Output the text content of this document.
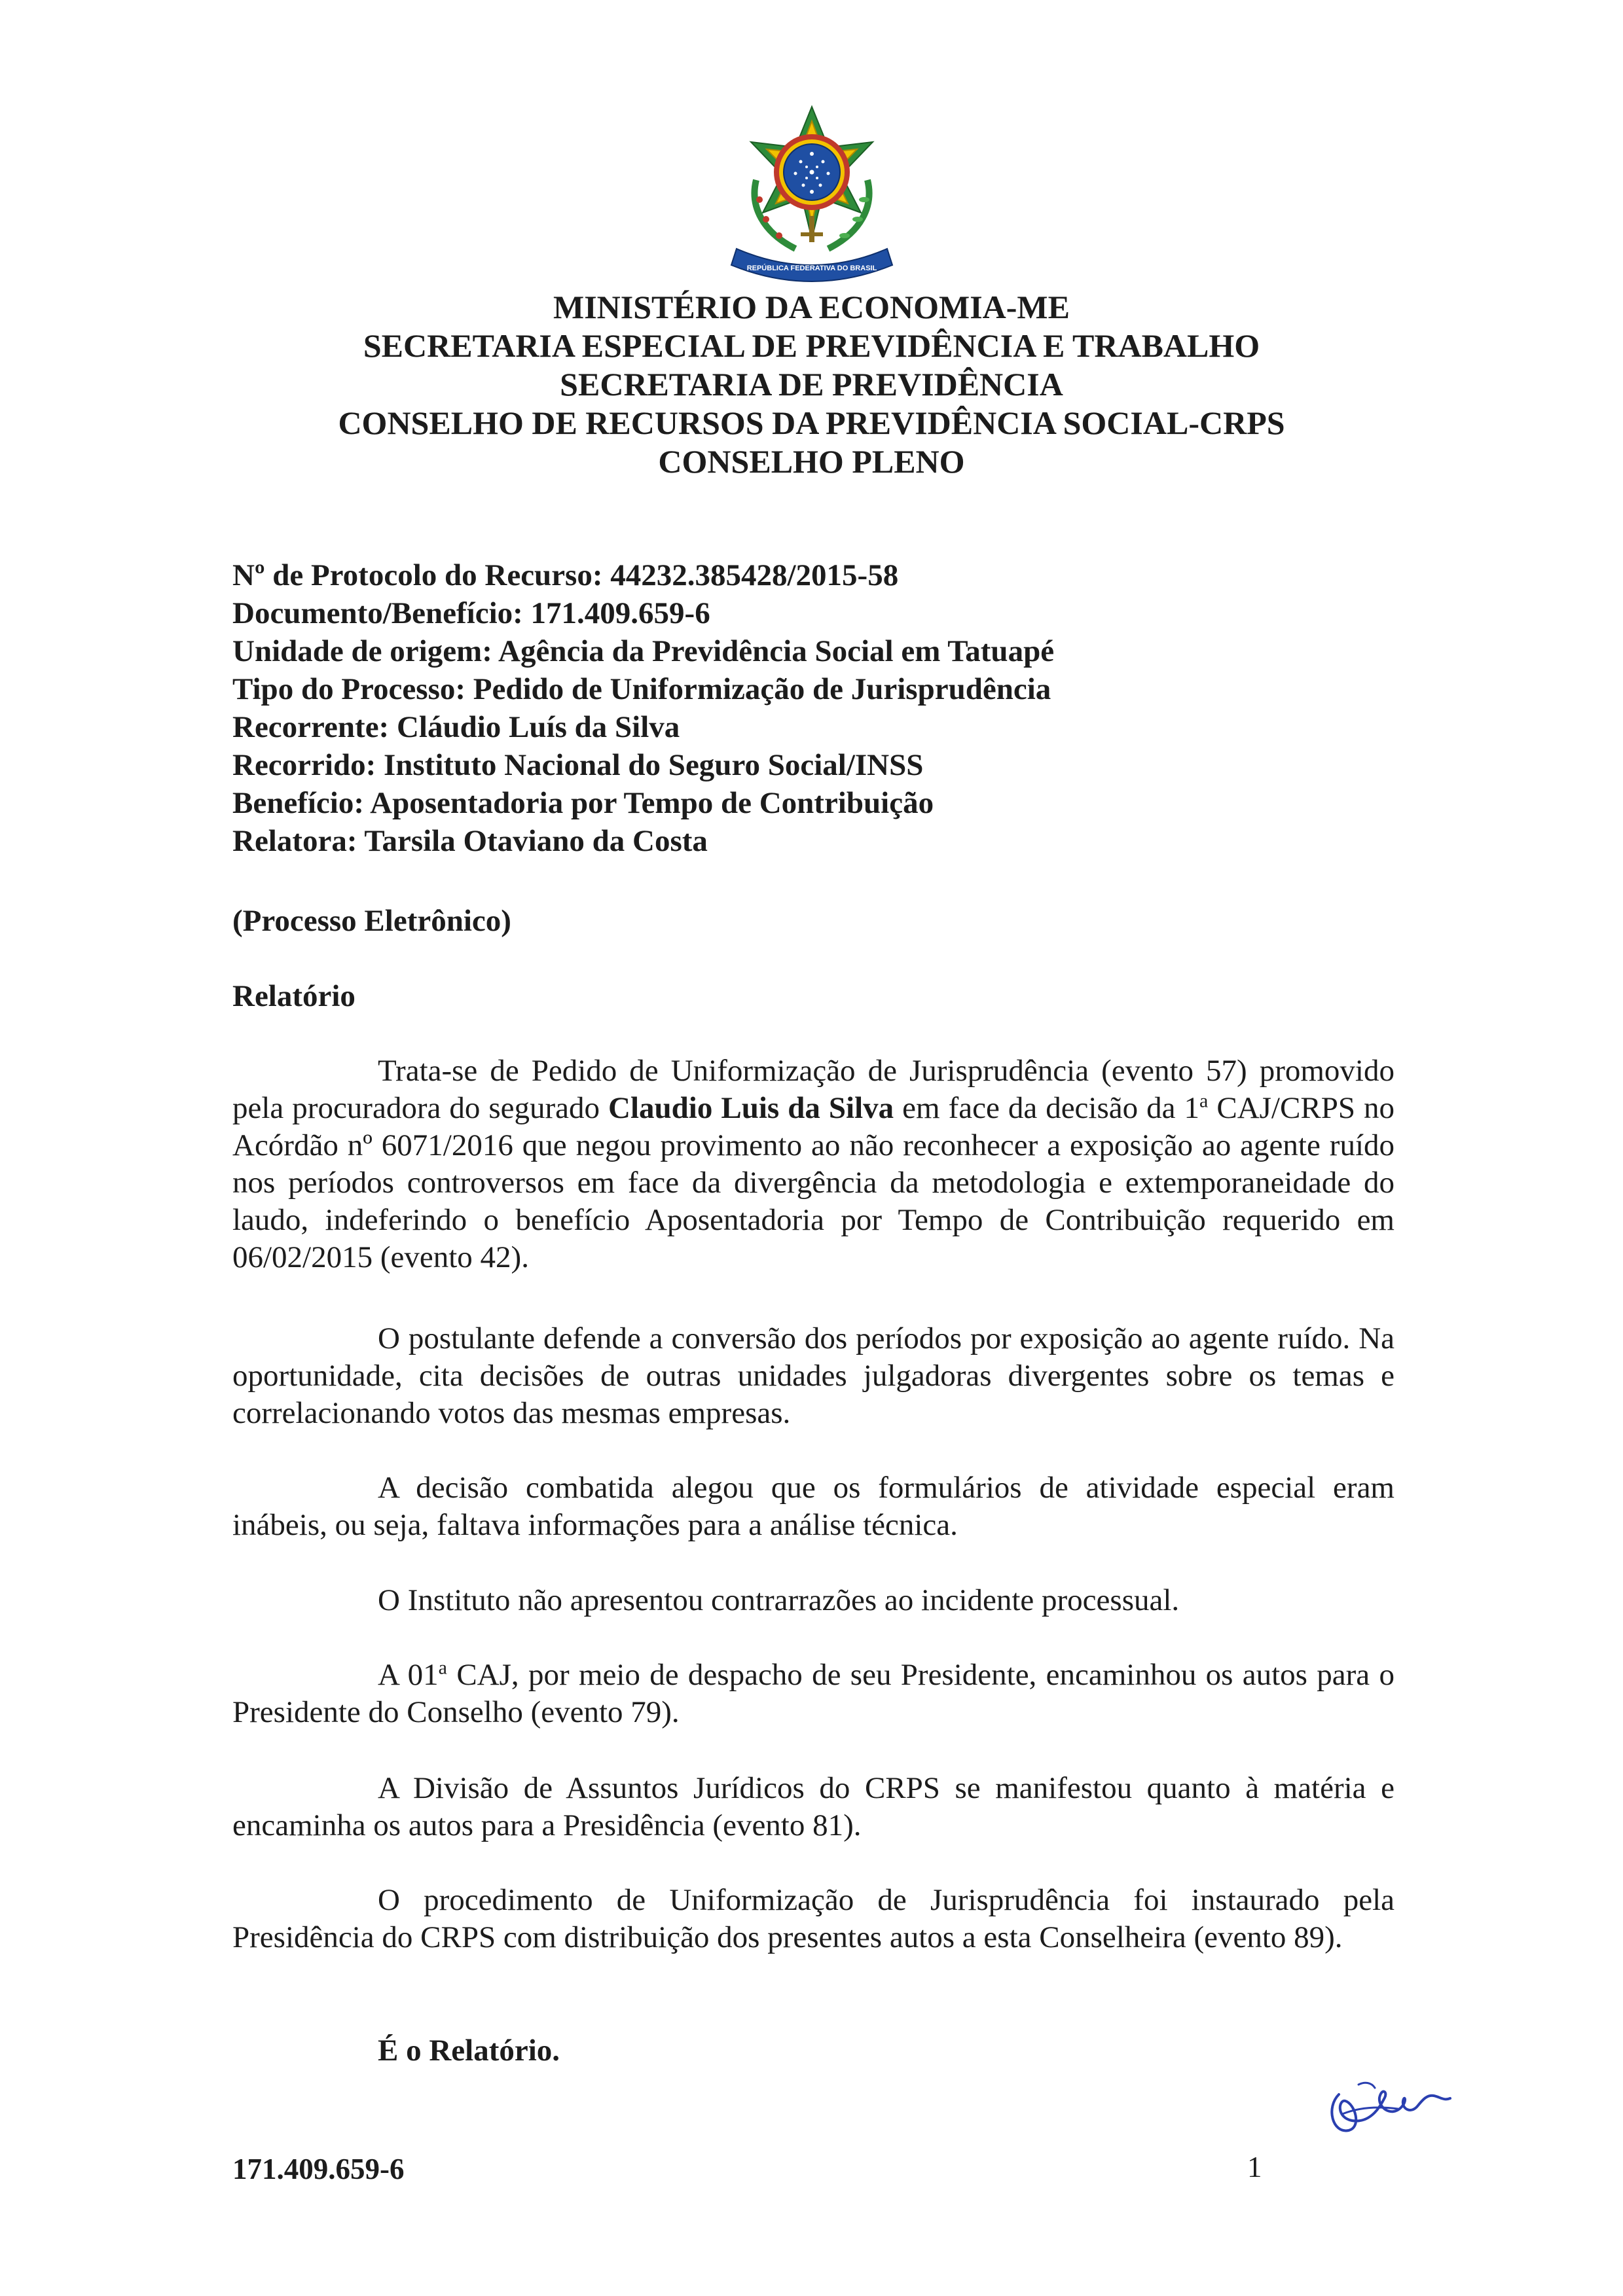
REPÚBLICA FEDERATIVA DO BRASIL
MINISTÉRIO DA ECONOMIA-ME
SECRETARIA ESPECIAL DE PREVIDÊNCIA E TRABALHO
SECRETARIA DE PREVIDÊNCIA
CONSELHO DE RECURSOS DA PREVIDÊNCIA SOCIAL-CRPS
CONSELHO PLENO
Nº de Protocolo do Recurso: 44232.385428/2015-58
Documento/Benefício: 171.409.659-6
Unidade de origem: Agência da Previdência Social em Tatuapé
Tipo do Processo: Pedido de Uniformização de Jurisprudência
Recorrente: Cláudio Luís da Silva
Recorrido: Instituto Nacional do Seguro Social/INSS
Benefício: Aposentadoria por Tempo de Contribuição
Relatora: Tarsila Otaviano da Costa
(Processo Eletrônico)
Relatório

Trata-se de Pedido de Uniformização de Jurisprudência (evento 57) promovido pela procuradora do segurado Claudio Luis da Silva em face da decisão da 1$^a$ CAJ/CRPS no Acórdão nº 6071/2016 que negou provimento ao não reconhecer a exposição ao agente ruído nos períodos controversos em face da divergência da metodologia e extemporaneidade do laudo, indeferindo o benefício Aposentadoria por Tempo de Contribuição requerido em 06/02/2015 (evento 42).

O postulante defende a conversão dos períodos por exposição ao agente ruído. Na oportunidade, cita decisões de outras unidades julgadoras divergentes sobre os temas e correlacionando votos das mesmas empresas.

A decisão combatida alegou que os formulários de atividade especial eram inábeis, ou seja, faltava informações para a análise técnica.

O Instituto não apresentou contrarrazões ao incidente processual.

A 01$^a$ CAJ, por meio de despacho de seu Presidente, encaminhou os autos para o Presidente do Conselho (evento 79).

A Divisão de Assuntos Jurídicos do CRPS se manifestou quanto à matéria e encaminha os autos para a Presidência (evento 81).

O procedimento de Uniformização de Jurisprudência foi instaurado pela Presidência do CRPS com distribuição dos presentes autos a esta Conselheira (evento 89).

É o Relatório.

171.409.659-6	1
